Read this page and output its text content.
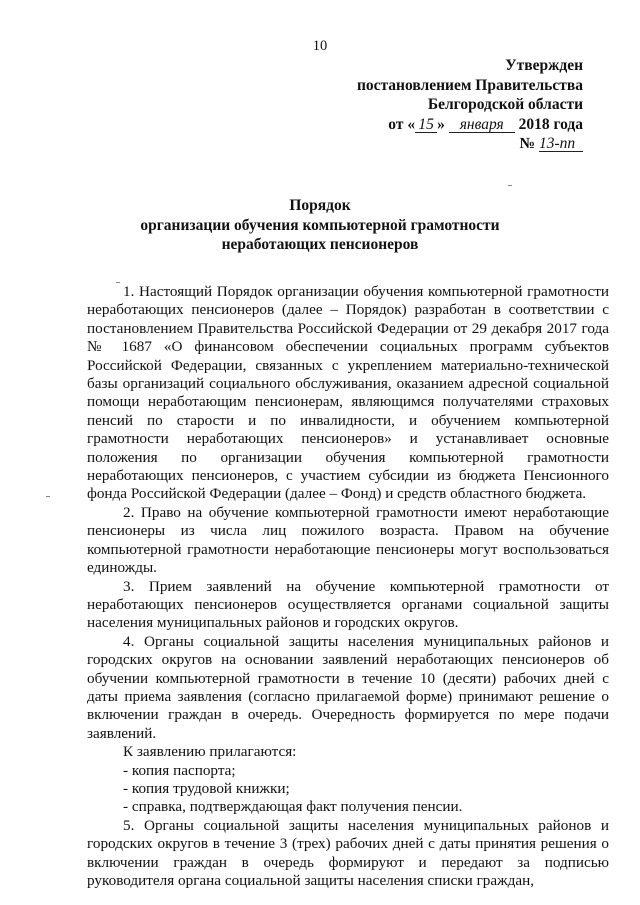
10
Утвержден
постановлением Правительства
Белгородской области
от « 15 » января 2018 года
№ 13-пп
Порядок
организации обучения компьютерной грамотности
неработающих пенсионеров

1. Настоящий Порядок организации обучения компьютерной грамотности неработающих пенсионеров (далее – Порядок) разработан в соответствии с постановлением Правительства Российской Федерации от 29 декабря 2017 года № 1687 «О финансовом обеспечении социальных программ субъектов Российской Федерации, связанных с укреплением материально-технической базы организаций социального обслуживания, оказанием адресной социальной помощи неработающим пенсионерам, являющимся получателями страховых пенсий по старости и по инвалидности, и обучением компьютерной грамотности неработающих пенсионеров» и устанавливает основные положения по организации обучения компьютерной грамотности неработающих пенсионеров, с участием субсидии из бюджета Пенсионного фонда Российской Федерации (далее – Фонд) и средств областного бюджета.

2. Право на обучение компьютерной грамотности имеют неработающие пенсионеры из числа лиц пожилого возраста. Правом на обучение компьютерной грамотности неработающие пенсионеры могут воспользоваться единожды.

3. Прием заявлений на обучение компьютерной грамотности от неработающих пенсионеров осуществляется органами социальной защиты населения муниципальных районов и городских округов.

4. Органы социальной защиты населения муниципальных районов и городских округов на основании заявлений неработающих пенсионеров об обучении компьютерной грамотности в течение 10 (десяти) рабочих дней с даты приема заявления (согласно прилагаемой форме) принимают решение о включении граждан в очередь. Очередность формируется по мере подачи заявлений.

К заявлению прилагаются:

- копия паспорта;

- копия трудовой книжки;

- справка, подтверждающая факт получения пенсии.

5. Органы социальной защиты населения муниципальных районов и городских округов в течение 3 (трех) рабочих дней с даты принятия решения о включении граждан в очередь формируют и передают за подписью руководителя органа социальной защиты населения списки граждан,
